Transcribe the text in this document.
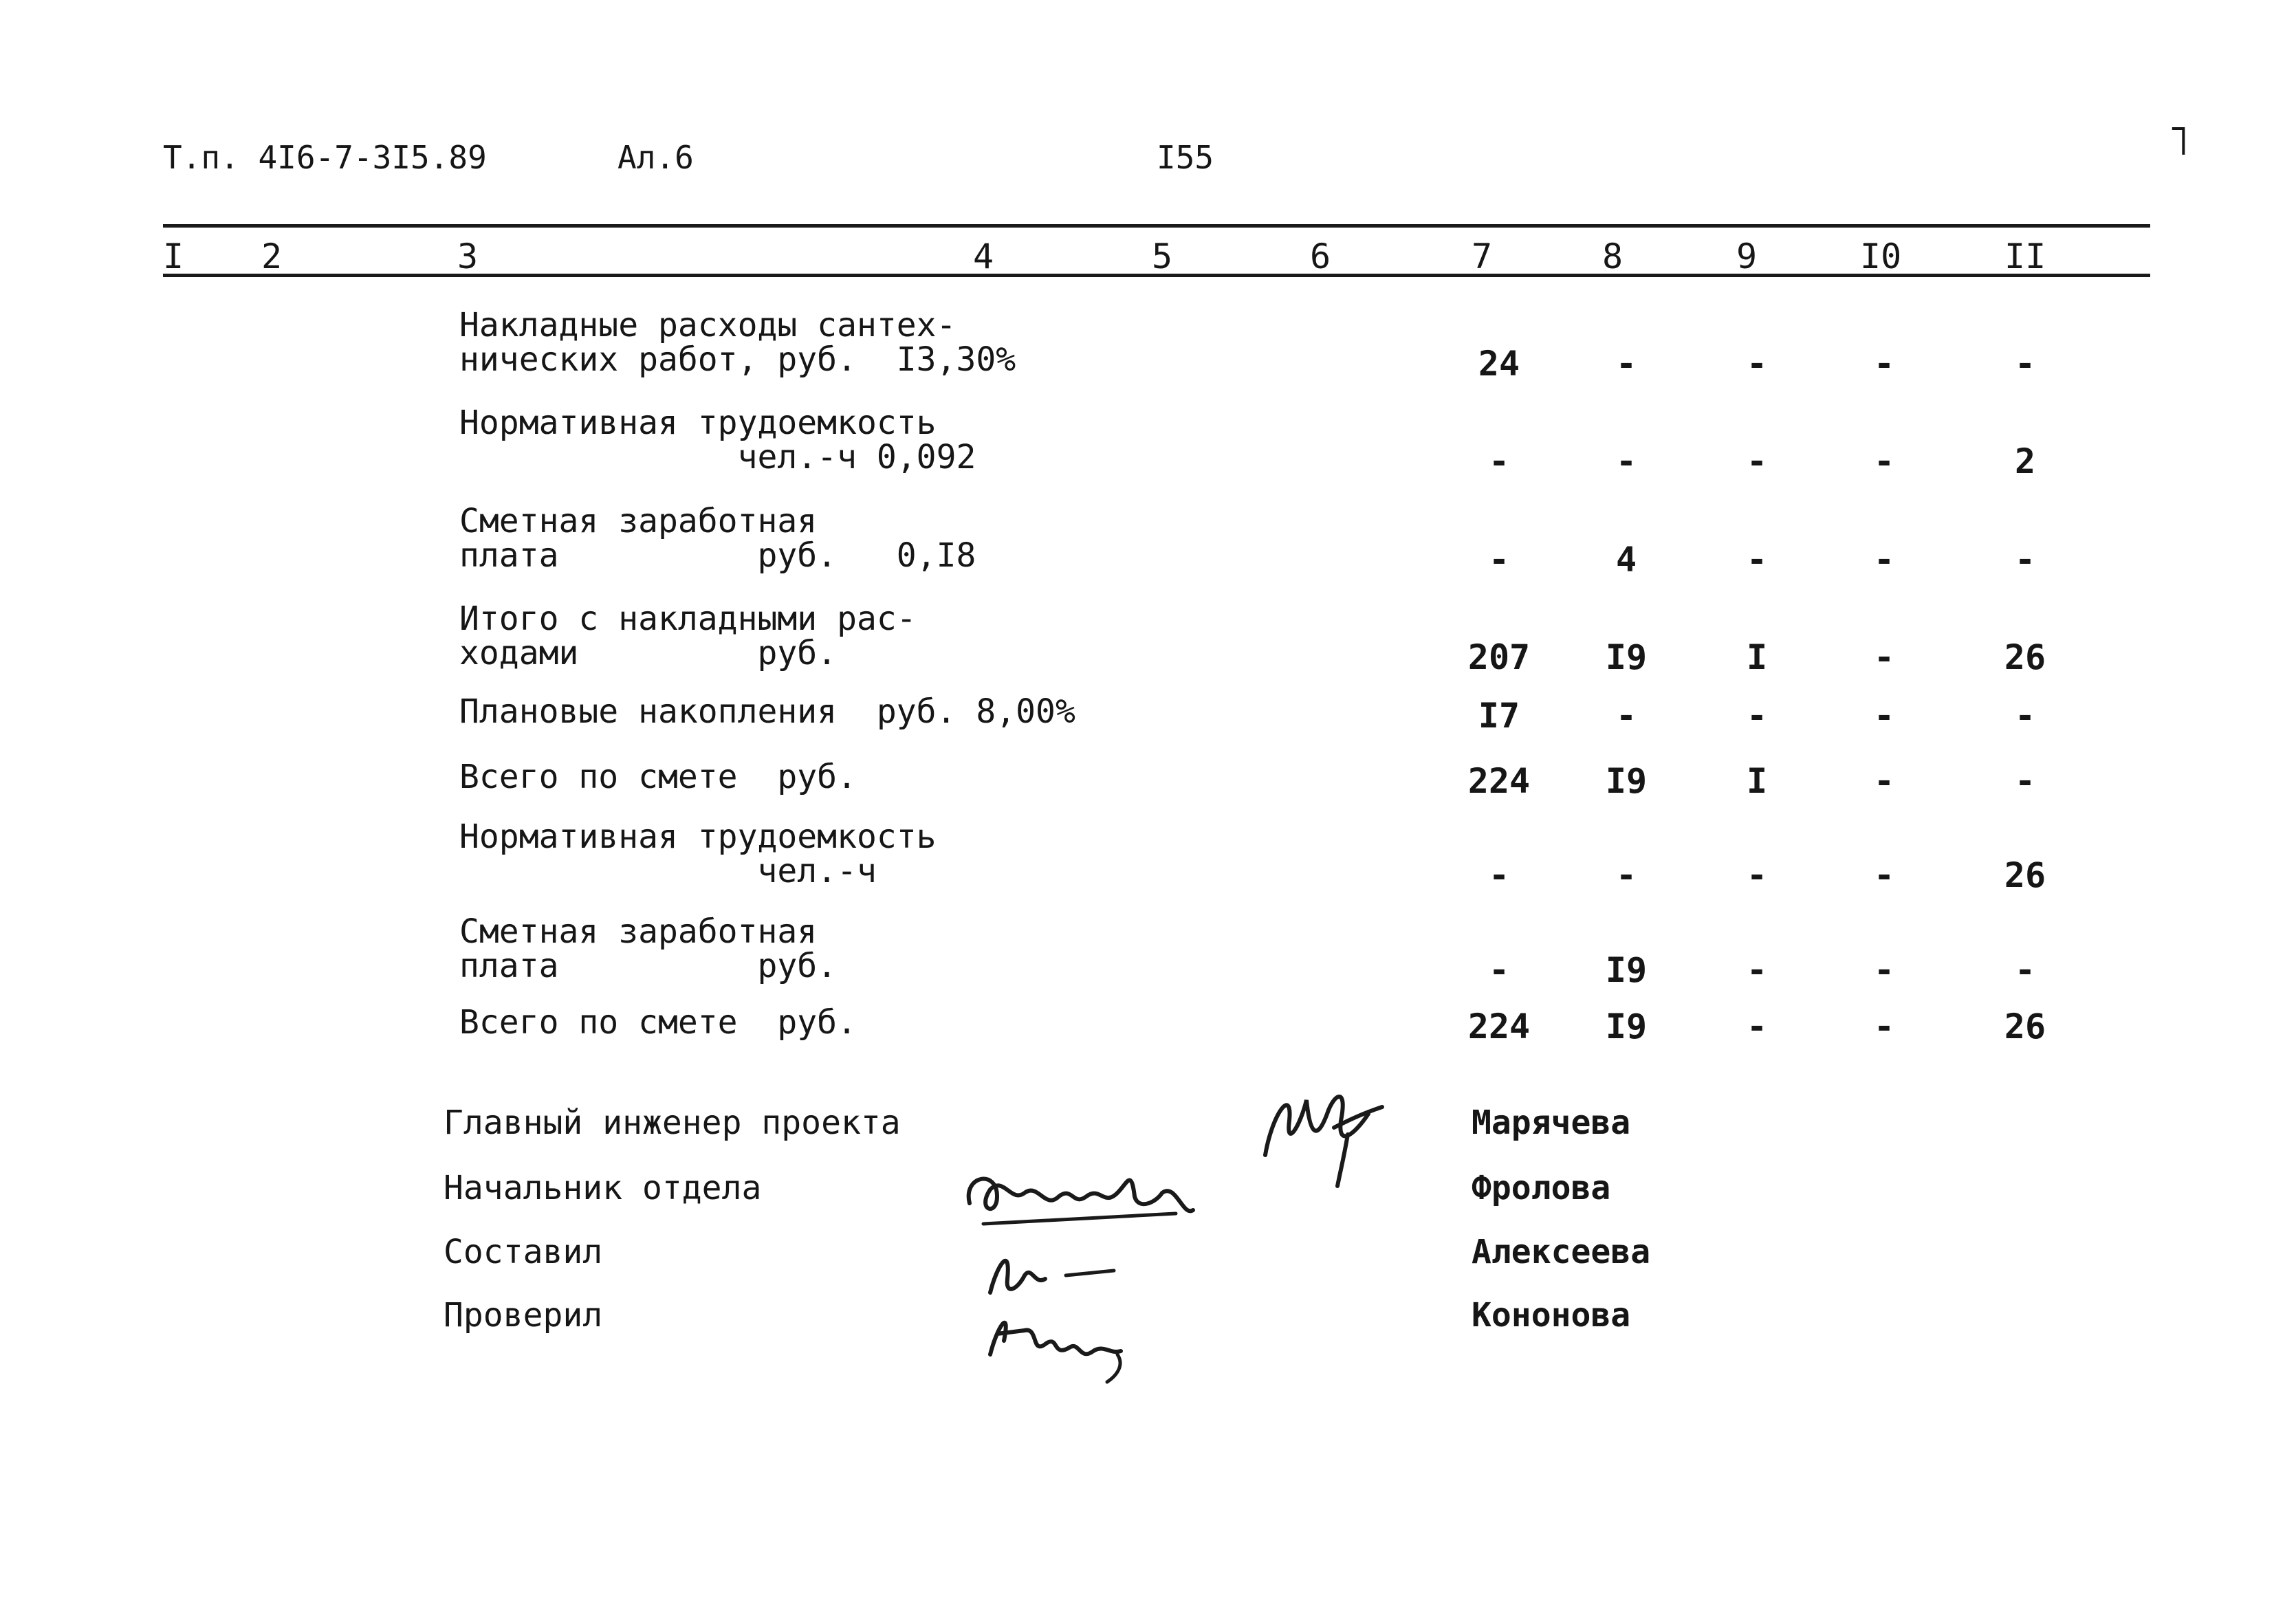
Т.п. 4I6-7-3I5.89	Ал.6	I55	˥
I 2	3	4	5	6	7	8	9	I0	II
Накладные расходы сантех-
нических работ, руб.  I3,30%	24	-	-	-	-
Нормативная трудоемкость
чел.-ч 0,092	-	-	-	-	2
Сметная заработная
плата          руб.   0,I8	-	4	-	-	-
Итого с накладными рас-
ходами         руб.	207	I9	I	-	26
Плановые накопления  руб. 8,00%	I7	-	-	-	-
Всего по смете  руб.	224	I9	I	-	-
Нормативная трудоемкость
чел.-ч	-	-	-	-	26
Сметная заработная
плата          руб.	-	I9	-	-	-
Всего по смете  руб.	224	I9	-	-	26
Главный инженер проекта	Марячева
Начальник отдела	Фролова
Составил	Алексеева
Проверил	Кононова
